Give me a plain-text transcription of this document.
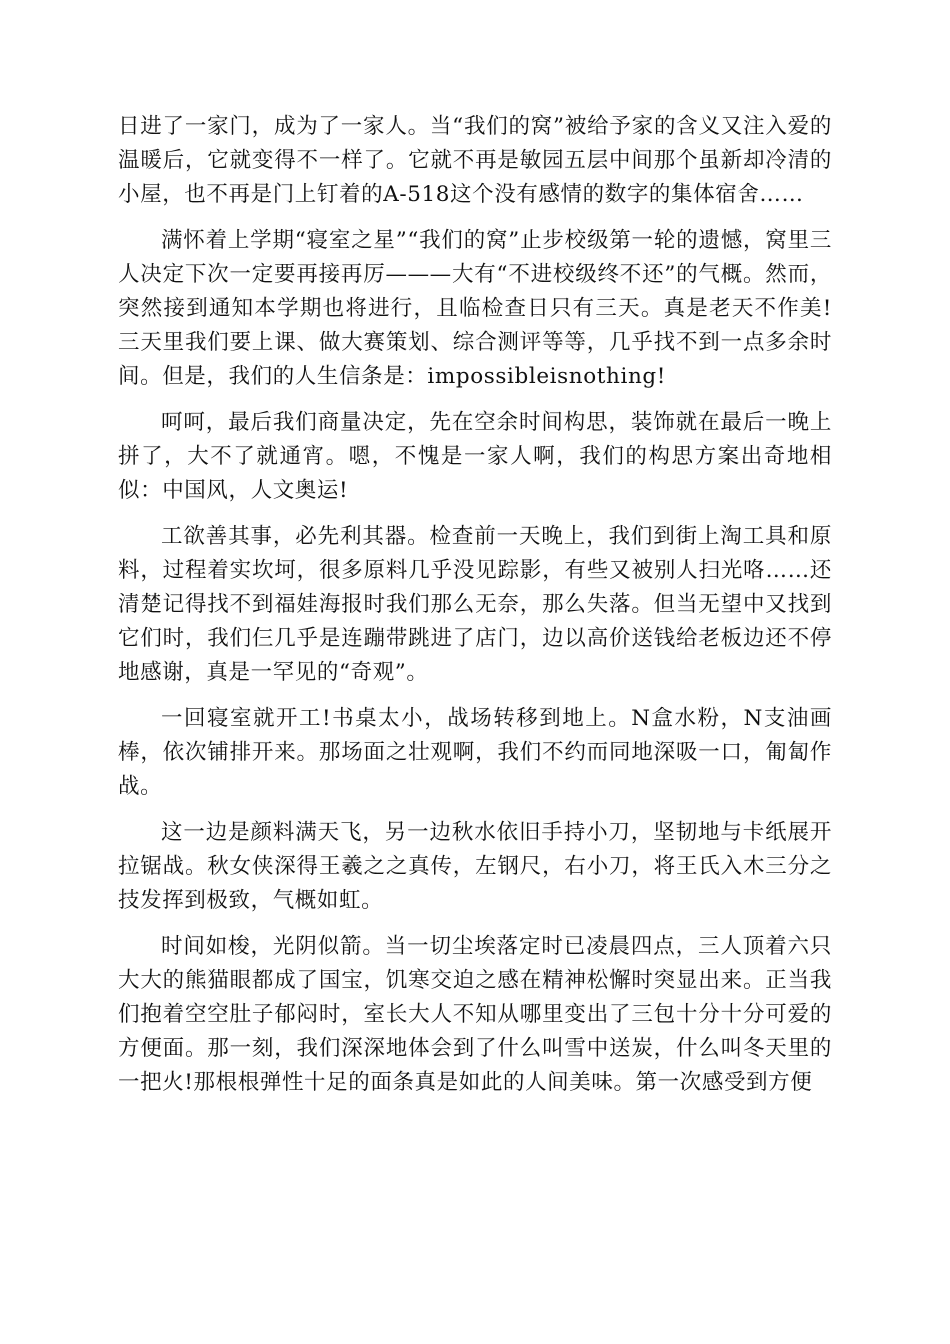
日进了一家门，成为了一家人。当“我们的窝”被给予家的含义又注入爱的温暖后，它就变得不一样了。它就不再是敏园五层中间那个虽新却冷清的小屋，也不再是门上钉着的A-518这个没有感情的数字的集体宿舍……

满怀着上学期“寝室之星”“我们的窝”止步校级第一轮的遗憾，窝里三人决定下次一定要再接再厉———大有“不进校级终不还”的气概。然而，突然接到通知本学期也将进行，且临检查日只有三天。真是老天不作美!三天里我们要上课、做大赛策划、综合测评等等，几乎找不到一点多余时间。但是，我们的人生信条是：impossibleisnothing!

呵呵，最后我们商量决定，先在空余时间构思，装饰就在最后一晚上拼了，大不了就通宵。嗯，不愧是一家人啊，我们的构思方案出奇地相似：中国风，人文奥运!

工欲善其事，必先利其器。检查前一天晚上，我们到街上淘工具和原料，过程着实坎坷，很多原料几乎没见踪影，有些又被别人扫光咯……还清楚记得找不到福娃海报时我们那么无奈，那么失落。但当无望中又找到它们时，我们仨几乎是连蹦带跳进了店门，边以高价送钱给老板边还不停地感谢，真是一罕见的“奇观”。

一回寝室就开工!书桌太小，战场转移到地上。N盒水粉，N支油画棒，依次铺排开来。那场面之壮观啊，我们不约而同地深吸一口，匍匐作战。

这一边是颜料满天飞，另一边秋水依旧手持小刀，坚韧地与卡纸展开拉锯战。秋女侠深得王羲之之真传，左钢尺，右小刀，将王氏入木三分之技发挥到极致，气概如虹。

时间如梭，光阴似箭。当一切尘埃落定时已凌晨四点，三人顶着六只大大的熊猫眼都成了国宝，饥寒交迫之感在精神松懈时突显出来。正当我们抱着空空肚子郁闷时，室长大人不知从哪里变出了三包十分十分可爱的方便面。那一刻，我们深深地体会到了什么叫雪中送炭，什么叫冬天里的一把火!那根根弹性十足的面条真是如此的人间美味。第一次感受到方便
